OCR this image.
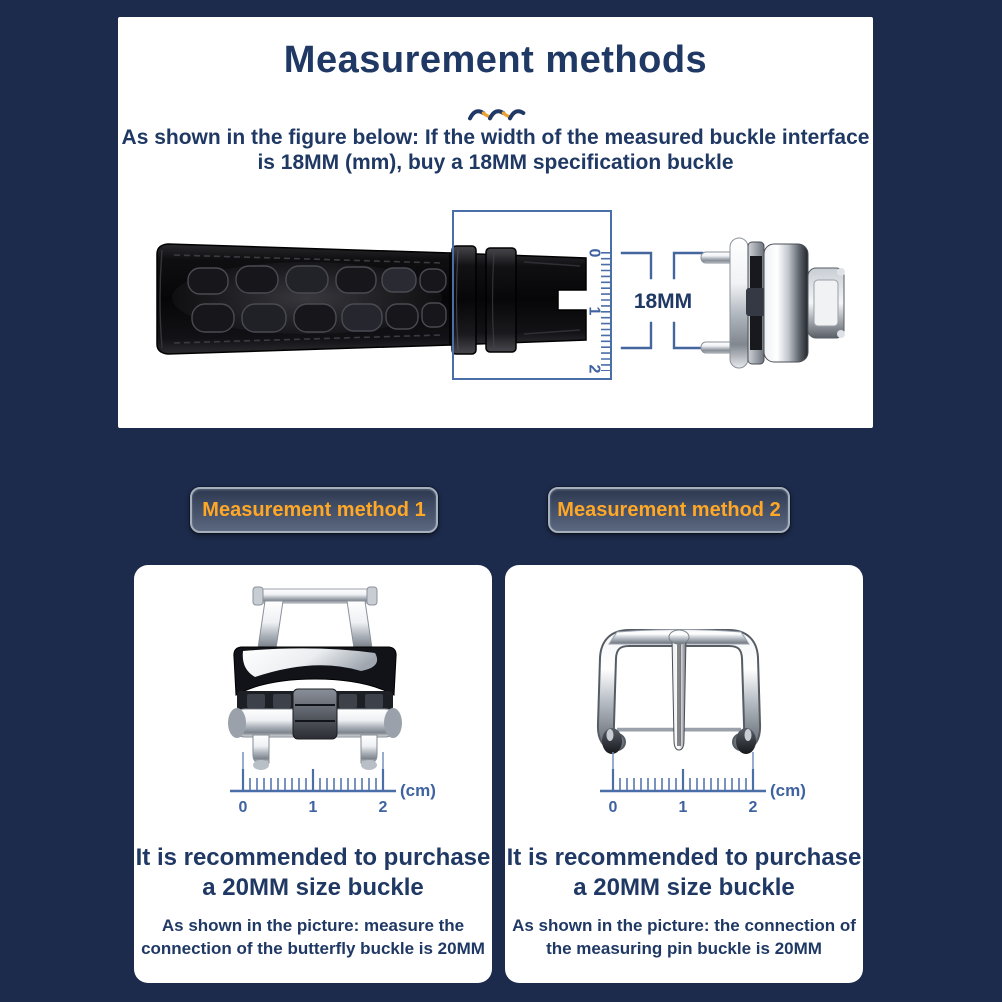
Measurement methods

As shown in the figure below: If the width of the measured buckle interface
is 18MM (mm), buy a 18MM specification buckle

0
1
2
18MM
Measurement method 1	Measurement method 2
0	1	2
(cm)
It is recommended to purchase
a 20MM size buckle

As shown in the picture: measure the
connection of the butterfly buckle is 20MM

0	1	2
(cm)
It is recommended to purchase
a 20MM size buckle

As shown in the picture: the connection of
the measuring pin buckle is 20MM
